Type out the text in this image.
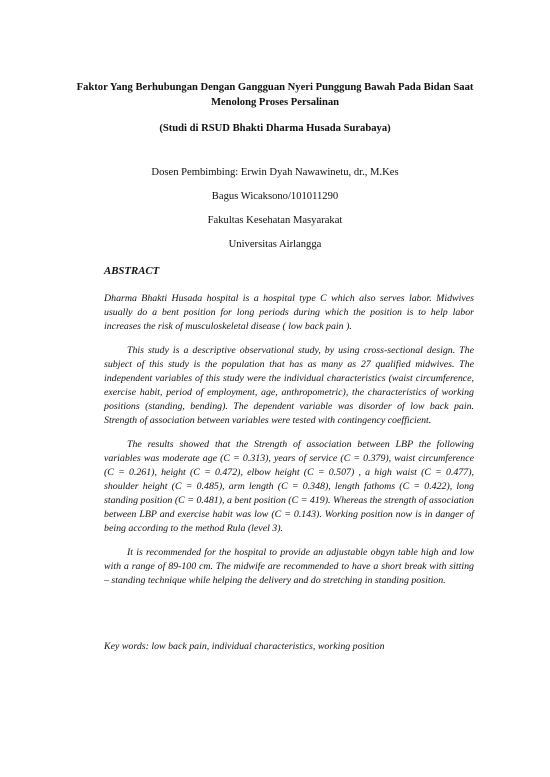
Faktor Yang Berhubungan Dengan Gangguan Nyeri Punggung Bawah Pada Bidan Saat Menolong Proses Persalinan

(Studi di RSUD Bhakti Dharma Husada Surabaya)

Dosen Pembimbing: Erwin Dyah Nawawinetu, dr., M.Kes

Bagus Wicaksono/101011290

Fakultas Kesehatan Masyarakat

Universitas Airlangga

ABSTRACT

Dharma Bhakti Husada hospital is a hospital type C which also serves labor. Midwives usually do a bent position for long periods during which the position is to help labor increases the risk of musculoskeletal disease ( low back pain ).

This study is a descriptive observational study, by using cross-sectional design. The subject of this study is the population that has as many as 27 qualified midwives. The independent variables of this study were the individual characteristics (waist circumference, exercise habit, period of employment, age, anthropometric), the characteristics of working positions (standing, bending). The dependent variable was disorder of low back pain. Strength of association between variables were tested with contingency coefficient.

The results showed that the Strength of association between LBP the following variables was moderate age (C = 0.313), years of service (C = 0.379), waist circumference (C = 0.261), height (C = 0.472), elbow height (C = 0.507) , a high waist (C = 0.477), shoulder height (C = 0.485), arm length (C = 0.348), length fathoms (C = 0.422), long standing position (C = 0.481), a bent position (C = 419). Whereas the strength of association between LBP and exercise habit was low (C = 0.143). Working position now is in danger of being according to the method Rula (level 3).

It is recommended for the hospital to provide an adjustable obgyn table high and low with a range of 89-100 cm. The midwife are recommended to have a short break with sitting – standing technique while helping the delivery and do stretching in standing position.

Key words: low back pain, individual characteristics, working position
